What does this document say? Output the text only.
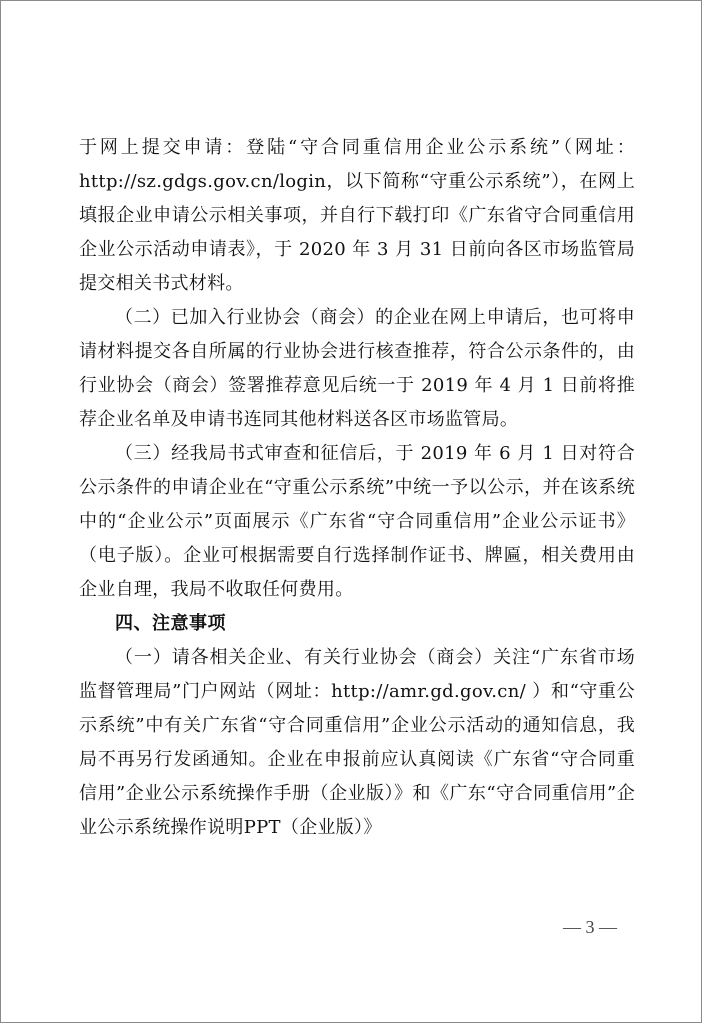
于网上提交申请：登陆“守合同重信用企业公示系统”（网址：http://sz.gdgs.gov.cn/login，以下简称“守重公示系统”），在网上填报企业申请公示相关事项，并自行下载打印《广东省守合同重信用企业公示活动申请表》，于 2020 年 3 月 31 日前向各区市场监管局提交相关书式材料。

（二）已加入行业协会（商会）的企业在网上申请后，也可将申请材料提交各自所属的行业协会进行核查推荐，符合公示条件的，由行业协会（商会）签署推荐意见后统一于 2019 年 4 月 1 日前将推荐企业名单及申请书连同其他材料送各区市场监管局。

（三）经我局书式审查和征信后，于 2019 年 6 月 1 日对符合公示条件的申请企业在“守重公示系统”中统一予以公示，并在该系统中的“企业公示”页面展示《广东省“守合同重信用”企业公示证书》（电子版）。企业可根据需要自行选择制作证书、牌匾，相关费用由企业自理，我局不收取任何费用。

四、注意事项

（一）请各相关企业、有关行业协会（商会）关注“广东省市场监督管理局”门户网站（网址：http://amr.gd.gov.cn/ ）和“守重公示系统”中有关广东省“守合同重信用”企业公示活动的通知信息，我局不再另行发函通知。企业在申报前应认真阅读《广东省“守合同重信用”企业公示系统操作手册（企业版）》和《广东“守合同重信用”企业公示系统操作说明PPT（企业版）》

— 3 —
